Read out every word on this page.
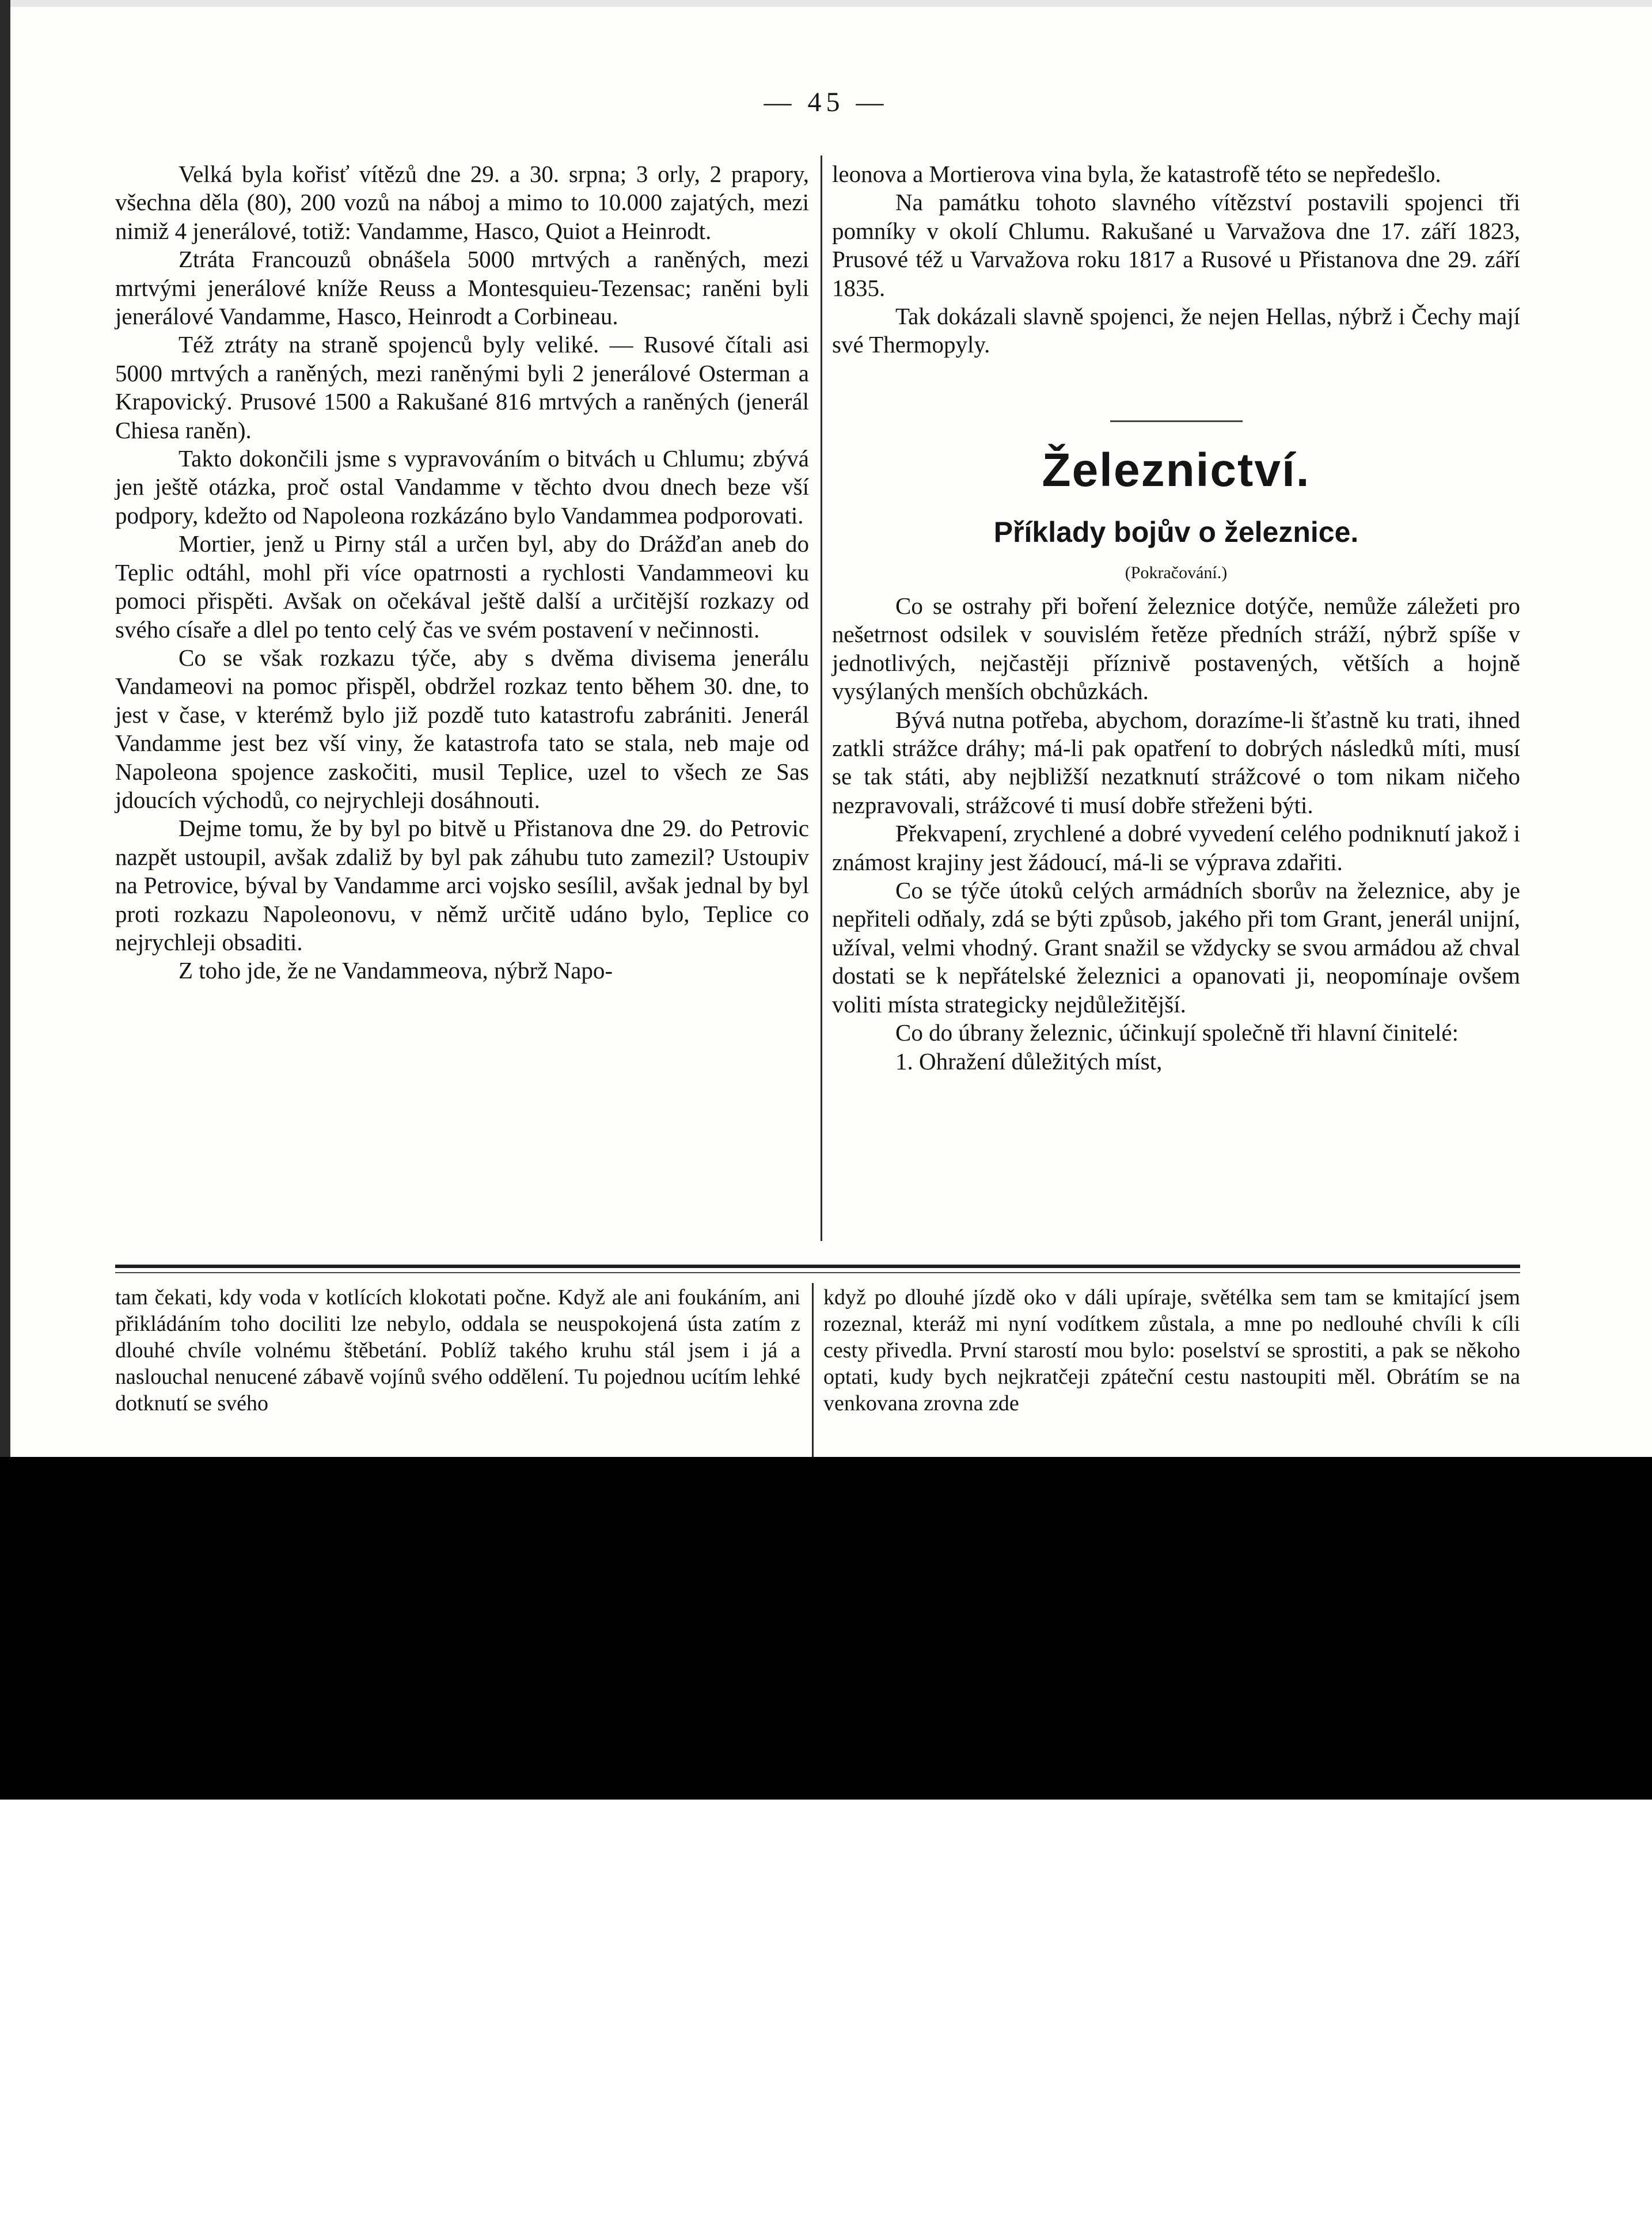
— 45 —

Velká byla kořisť vítězů dne 29. a 30. srpna; 3 orly, 2 prapory, všechna děla (80), 200 vozů na náboj a mimo to 10.000 zajatých, mezi nimiž 4 jenerálové, totiž: Vandamme, Hasco, Quiot a Heinrodt.

Ztráta Francouzů obnášela 5000 mrtvých a raněných, mezi mrtvými jenerálové kníže Reuss a Montesquieu-Tezensac; raněni byli jenerálové Vandamme, Hasco, Heinrodt a Corbineau.

Též ztráty na straně spojenců byly veliké. — Rusové čítali asi 5000 mrtvých a raněných, mezi raněnými byli 2 jenerálové Osterman a Krapovický. Prusové 1500 a Rakušané 816 mrtvých a raněných (jenerál Chiesa raněn).

Takto dokončili jsme s vypravováním o bitvách u Chlumu; zbývá jen ještě otázka, proč ostal Vandamme v těchto dvou dnech beze vší podpory, kdežto od Napoleona rozkázáno bylo Vandammea podporovati.

Mortier, jenž u Pirny stál a určen byl, aby do Drážďan aneb do Teplic odtáhl, mohl při více opatrnosti a rychlosti Vandammeovi ku pomoci přispěti. Avšak on očekával ještě další a určitější rozkazy od svého císaře a dlel po tento celý čas ve svém postavení v nečinnosti.

Co se však rozkazu týče, aby s dvěma divisema jenerálu Vandameovi na pomoc přispěl, obdržel rozkaz tento během 30. dne, to jest v čase, v kterémž bylo již pozdě tuto katastrofu zabrániti. Jenerál Vandamme jest bez vší viny, že katastrofa tato se stala, neb maje od Napoleona spojence zaskočiti, musil Teplice, uzel to všech ze Sas jdoucích východů, co nejrychleji dosáhnouti.

Dejme tomu, že by byl po bitvě u Přistanova dne 29. do Petrovic nazpět ustoupil, avšak zdaliž by byl pak záhubu tuto zamezil? Ustoupiv na Petrovice, býval by Vandamme arci vojsko sesílil, avšak jednal by byl proti rozkazu Napoleonovu, v němž určitě udáno bylo, Teplice co nejrychleji obsaditi.

Z toho jde, že ne Vandammeova, nýbrž Napo-

leonova a Mortierova vina byla, že katastrofě této se nepředešlo.

Na památku tohoto slavného vítězství postavili spojenci tři pomníky v okolí Chlumu. Rakušané u Varvažova dne 17. září 1823, Prusové též u Varvažova roku 1817 a Rusové u Přistanova dne 29. září 1835.

Tak dokázali slavně spojenci, že nejen Hellas, nýbrž i Čechy mají své Thermopyly.

Železnictví.
Příklady bojův o železnice.
(Pokračování.)

Co se ostrahy při boření železnice dotýče, nemůže záležeti pro nešetrnost odsilek v souvislém řetěze předních stráží, nýbrž spíše v jednotlivých, nejčastěji příznivě postavených, větších a hojně vysýlaných menších obchůzkách.

Bývá nutna potřeba, abychom, dorazíme-li šťastně ku trati, ihned zatkli strážce dráhy; má-li pak opatření to dobrých následků míti, musí se tak státi, aby nejbližší nezatknutí strážcové o tom nikam ničeho nezpravovali, strážcové ti musí dobře střeženi býti.

Překvapení, zrychlené a dobré vyvedení celého podniknutí jakož i známost krajiny jest žádoucí, má-li se výprava zdařiti.

Co se týče útoků celých armádních sborův na železnice, aby je nepřiteli odňaly, zdá se býti způsob, jakého při tom Grant, jenerál unijní, užíval, velmi vhodný. Grant snažil se vždycky se svou armádou až chval dostati se k nepřátelské železnici a opanovati ji, neopomínaje ovšem voliti místa strategicky nejdůležitější.

Co do úbrany železnic, účinkují společně tři hlavní činitelé:

1. Ohražení důležitých míst,

tam čekati, kdy voda v kotlících klokotati počne. Když ale ani foukáním, ani přikládáním toho dociliti lze nebylo, oddala se neuspokojená ústa zatím z dlouhé chvíle volnému štěbetání. Poblíž takého kruhu stál jsem i já a naslouchal nenucené zábavě vojínů svého oddělení. Tu pojednou ucítím lehké dotknutí se svého

když po dlouhé jízdě oko v dáli upíraje, světélka sem tam se kmitající jsem rozeznal, kteráž mi nyní vodítkem zůstala, a mne po nedlouhé chvíli k cíli cesty přivedla. První starostí mou bylo: poselství se sprostiti, a pak se někoho optati, kudy bych nejkratčeji zpáteční cestu nastoupiti měl. Obrátím se na venkovana zrovna zde
